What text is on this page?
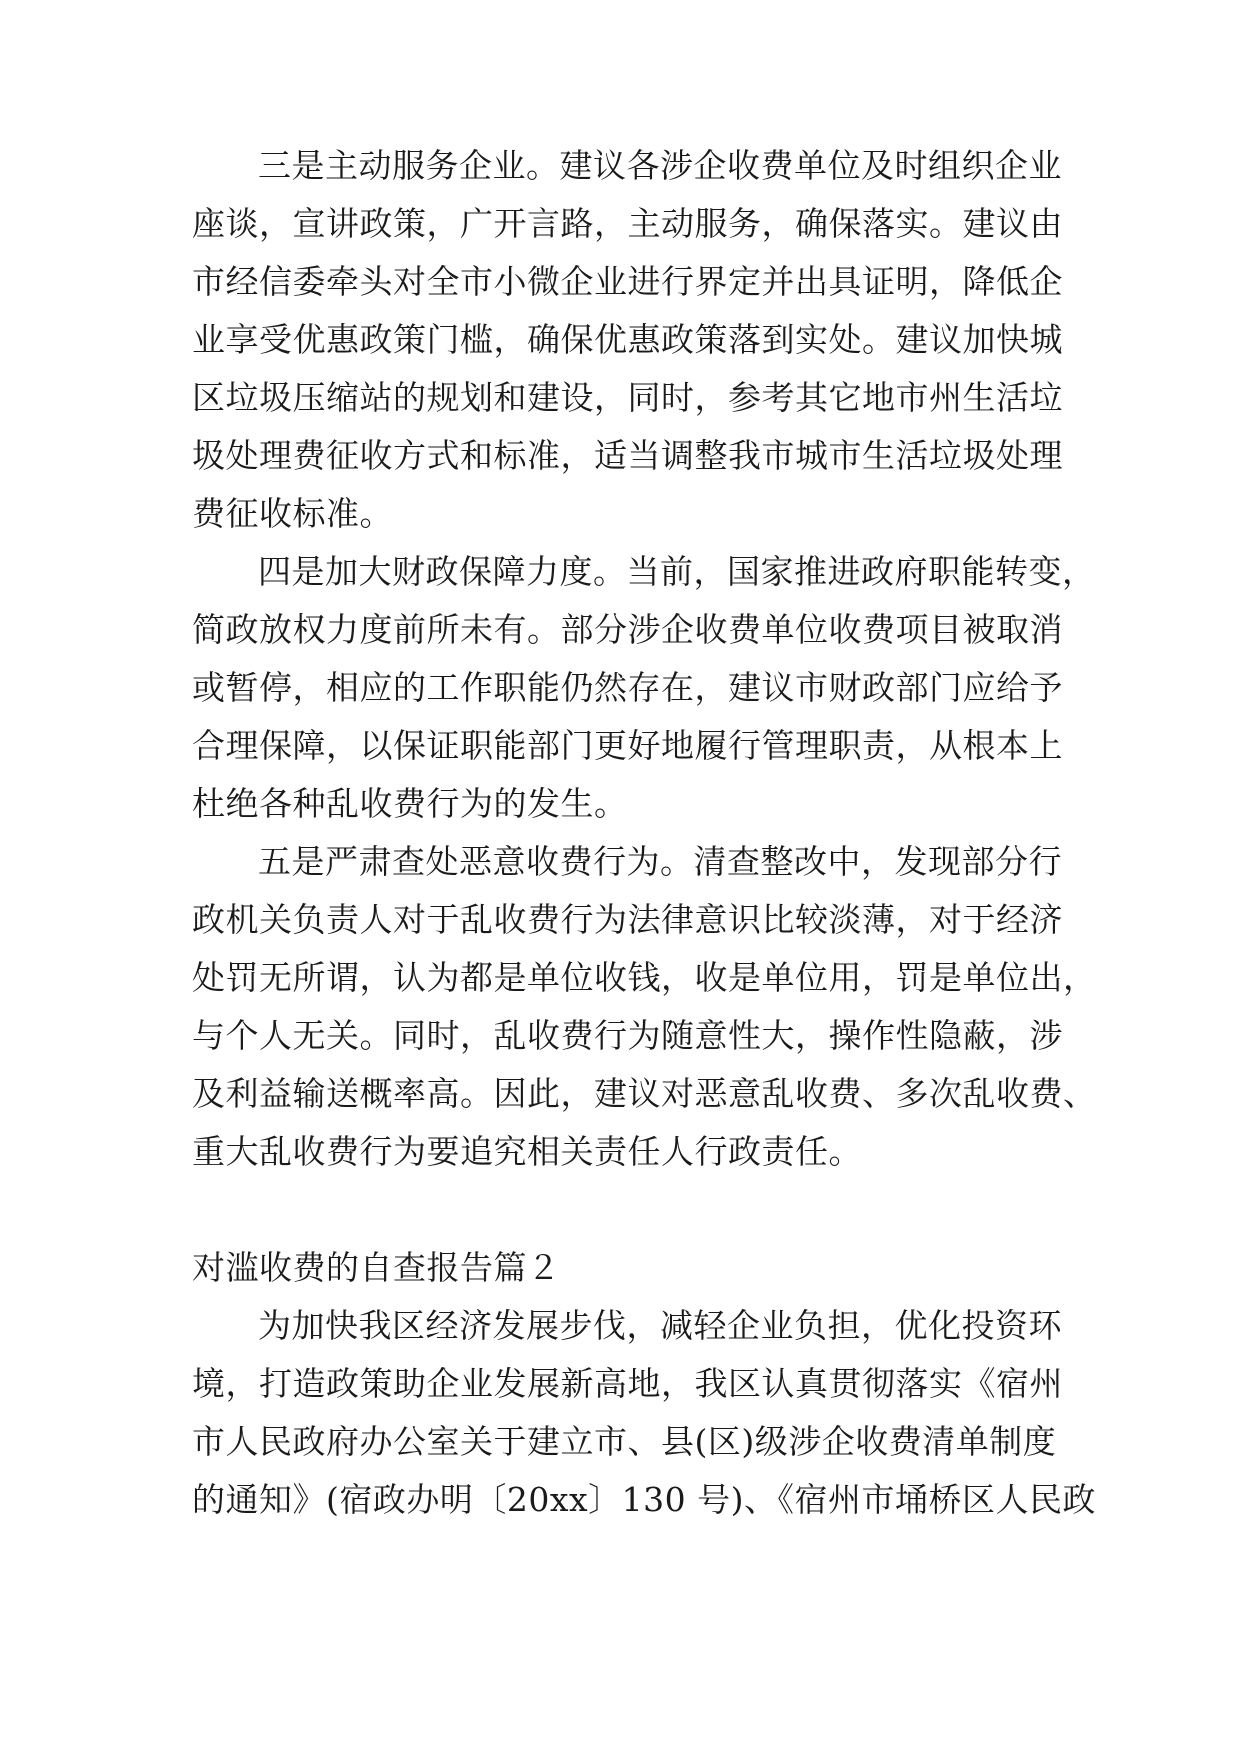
三是主动服务企业。建议各涉企收费单位及时组织企业
座谈，宣讲政策，广开言路，主动服务，确保落实。建议由
市经信委牵头对全市小微企业进行界定并出具证明，降低企
业享受优惠政策门槛，确保优惠政策落到实处。建议加快城
区垃圾压缩站的规划和建设，同时，参考其它地市州生活垃
圾处理费征收方式和标准，适当调整我市城市生活垃圾处理
费征收标准。
四是加大财政保障力度。当前，国家推进政府职能转变，
简政放权力度前所未有。部分涉企收费单位收费项目被取消
或暂停，相应的工作职能仍然存在，建议市财政部门应给予
合理保障，以保证职能部门更好地履行管理职责，从根本上
杜绝各种乱收费行为的发生。
五是严肃查处恶意收费行为。清查整改中，发现部分行
政机关负责人对于乱收费行为法律意识比较淡薄，对于经济
处罚无所谓，认为都是单位收钱，收是单位用，罚是单位出，
与个人无关。同时，乱收费行为随意性大，操作性隐蔽，涉
及利益输送概率高。因此，建议对恶意乱收费、多次乱收费、
重大乱收费行为要追究相关责任人行政责任。
对滥收费的自查报告篇２
为加快我区经济发展步伐，减轻企业负担，优化投资环
境，打造政策助企业发展新高地，我区认真贯彻落实《宿州
市人民政府办公室关于建立市、县(区)级涉企收费清单制度
的通知》(宿政办明〔20xx〕130 号)、《宿州市埇桥区人民政
